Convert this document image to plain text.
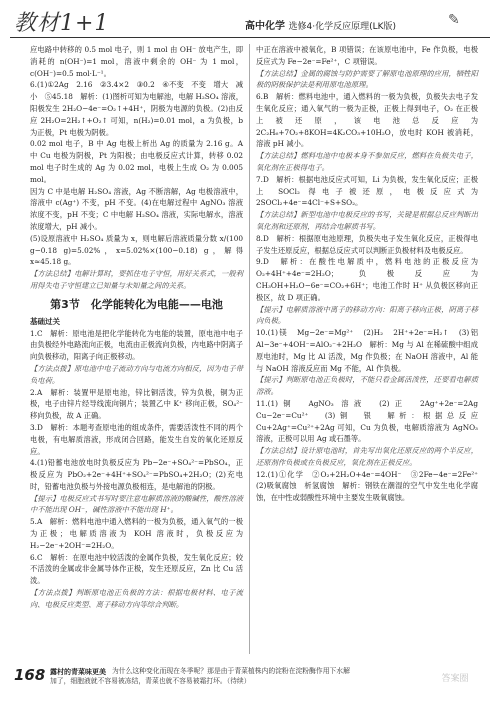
教材1+1	高中化学 选修4·化学反应原理(LK版)	✎

应电路中转移的 0.5 mol 电子，则 1 mol 由 OH⁻ 放电产生，即消耗的 n(OH⁻)=1 mol，溶液中剩余的 OH⁻ 为 1 mol，c(OH⁻)=0.5 mol·L⁻¹。

6.(1)①2Ag　2.16　②3.4×2　③0.2　④不变　不变　增大　减小　⑤45.18　解析：(1)图析可知为电解池，电解 H₂SO₄ 溶液，阳极发生 2H₂O−4e⁻=O₂↑+4H⁺，阴极为电源的负极。(2)由反应 2H₂O=2H₂↑+O₂↑ 可知，n(H₂)=0.01 mol，a 为负极，b 为正极，Pt 电极为阴极。

0.02 mol 电子，B 中 Ag 电极上析出 Ag 的质量为 2.16 g。A 中 Cu 电极为阴极，Pt 为阳极；由电极反应式计算，转移 0.02 mol 电子时生成的 Ag 为 0.02 mol，电极上生成 O₂ 为 0.005 mol。

因为 C 中是电解 H₂SO₄ 溶液，Ag 不断溶解，Ag 电极溶液中，溶液中 c(Ag⁺) 不变，pH 不变。(4)在电解过程中 AgNO₃ 溶液浓度不变，pH 不变；C 中电解 H₂SO₄ 溶液，实际电解水，溶液浓度增大，pH 减小。

(5)设原溶液中 H₂SO₄ 质量为 x，则电解后溶液质量分数 x/(100 g−0.18 g)=5.02%，x=5.02%×(100−0.18) g，解得 x≈45.18 g。

【方法总结】电解计算时，要抓住电子守恒，用好关系式，一般利用得失电子守恒建立已知量与未知量之间的关系。

第3节　化学能转化为电能——电池

基础过关

1.C　解析：原电池是把化学能转化为电能的装置，原电池中电子由负极经外电路流向正极，电流由正极流向负极，内电路中阴离子向负极移动，阳离子向正极移动。

【方法点拨】原电池中电子流动方向与电流方向相反，因为电子带负电荷。

2.A　解析：装置甲是原电池，锌比铜活泼，锌为负极，铜为正极，电子由锌片经导线流向铜片；装置乙中 K⁺ 移向正极，SO₄²⁻ 移向负极，故 A 正确。

3.D　解析：本题考查原电池的组成条件，需要活泼性不同的两个电极，有电解质溶液，形成闭合回路，能发生自发的氧化还原反应。

4.(1)铅蓄电池放电时负极反应为 Pb−2e⁻+SO₄²⁻=PbSO₄，正极反应为 PbO₂+2e⁻+4H⁺+SO₄²⁻=PbSO₄+2H₂O；(2)充电时，铅蓄电池负极与外接电源负极相连，是电解池的阴极。

【提示】电极反应式书写时要注意电解质溶液的酸碱性，酸性溶液中不能出现 OH⁻，碱性溶液中不能出现 H⁺。

5.A　解析：燃料电池中通入燃料的一极为负极，通入氧气的一极为正极；电解质溶液为 KOH 溶液时，负极反应为 H₂−2e⁻+2OH⁻=2H₂O。

6.C　解析：在原电池中较活泼的金属作负极，发生氧化反应；较不活泼的金属或非金属导体作正极，发生还原反应，Zn 比 Cu 活泼。

【方法点拨】判断原电池正负极的方法：根据电极材料、电子流向、电极反应类型、离子移动方向等综合判断。

中正在溶液中被氧化，B 项错误；在该原电池中，Fe 作负极，电极反应式为 Fe−2e⁻=Fe²⁺，C 项错误。

【方法总结】金属的腐蚀与防护需要了解原电池原理的应用，牺牲阳极的阴极保护法是利用原电池原理。

6.B　解析：燃料电池中，通入燃料的一极为负极，负极失去电子发生氧化反应；通入氧气的一极为正极，正极上得到电子，O₂ 在正极上被还原，该电池总反应为 2C₂H₆+7O₂+8KOH=4K₂CO₃+10H₂O，放电时 KOH 被消耗，溶液 pH 减小。

【方法总结】燃料电池中电极本身不参加反应，燃料在负极失电子，氧化剂在正极得电子。

7.D　解析：根据电池反应式可知，Li 为负极，发生氧化反应；正极上 SOCl₂ 得电子被还原，电极反应式为 2SOCl₂+4e⁻=4Cl⁻+S+SO₂。

【方法总结】新型电池中电极反应的书写，关键是根据总反应判断出氧化剂和还原剂，再结合电解质书写。

8.D　解析：根据原电池原理，负极失电子发生氧化反应，正极得电子发生还原反应，根据总反应式可以判断正负极材料及电极反应。

9.D　解析：在酸性电解质中，燃料电池的正极反应为 O₂+4H⁺+4e⁻=2H₂O；负极反应为 CH₃OH+H₂O−6e⁻=CO₂+6H⁺；电池工作时 H⁺ 从负极区移向正极区，故 D 项正确。

【提示】电解质溶液中离子的移动方向：阳离子移向正极，阴离子移向负极。

10.(1)镁　Mg−2e⁻=Mg²⁺　(2)H₂　2H⁺+2e⁻=H₂↑　(3)铝　Al−3e⁻+4OH⁻=AlO₂⁻+2H₂O　解析：Mg 与 Al 在稀硫酸中组成原电池时，Mg 比 Al 活泼，Mg 作负极；在 NaOH 溶液中，Al 能与 NaOH 溶液反应而 Mg 不能，Al 作负极。

【提示】判断原电池正负极时，不能只看金属活泼性，还要看电解质溶液。

11.(1)铜　AgNO₃ 溶液　(2)正　2Ag⁺+2e⁻=2Ag　Cu−2e⁻=Cu²⁺　(3)铜　银　解析：根据总反应 Cu+2Ag⁺=Cu²⁺+2Ag 可知，Cu 为负极，电解质溶液为 AgNO₃ 溶液，正极可以用 Ag 或石墨等。

【方法总结】设计原电池时，首先写出氧化还原反应的两个半反应，还原剂作负极或在负极反应，氧化剂在正极反应。

12.(1)①化学　②O₂+2H₂O+4e⁻=4OH⁻　③2Fe−4e⁻=2Fe²⁺　(2)吸氧腐蚀　析氢腐蚀　解析：钢铁在潮湿的空气中发生电化学腐蚀，在中性或弱酸性环境中主要发生吸氧腐蚀。

168 露村的青菜味更美 为什么这种变化而现在冬季呢？那是由于青菜植株内的淀粉在淀粉酶作用下水解
加了，细胞液就不容易被冻结，青菜也就不容易被霜打坏。（待续）	答案圈
